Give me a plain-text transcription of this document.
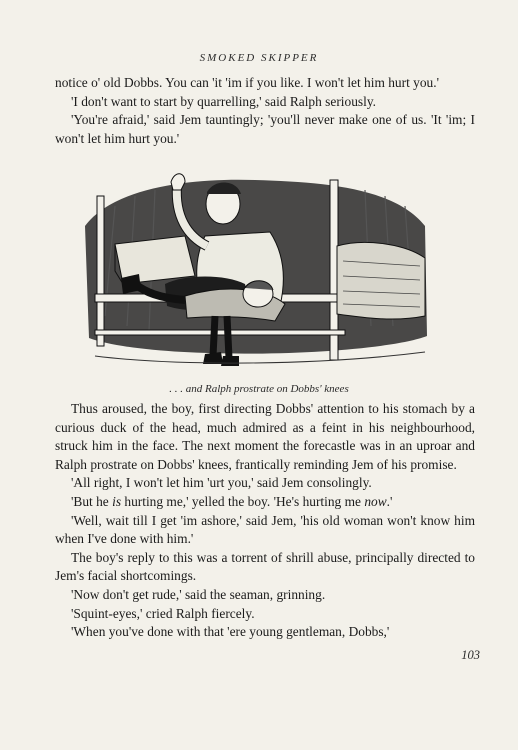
SMOKED SKIPPER

notice o' old Dobbs. You can 'it 'im if you like. I won't let him hurt you.'

'I don't want to start by quarrelling,' said Ralph seriously.

'You're afraid,' said Jem tauntingly; 'you'll never make one of us. 'It 'im; I won't let him hurt you.'

. . . and Ralph prostrate on Dobbs' knees

Thus aroused, the boy, first directing Dobbs' attention to his stomach by a curious duck of the head, much admired as a feint in his neighbourhood, struck him in the face. The next moment the forecastle was in an uproar and Ralph prostrate on Dobbs' knees, frantically reminding Jem of his promise.

'All right, I won't let him 'urt you,' said Jem consolingly.

'But he is hurting me,' yelled the boy. 'He's hurting me now.'

'Well, wait till I get 'im ashore,' said Jem, 'his old woman won't know him when I've done with him.'

The boy's reply to this was a torrent of shrill abuse, principally directed to Jem's facial shortcomings.

'Now don't get rude,' said the seaman, grinning.

'Squint-eyes,' cried Ralph fiercely.

'When you've done with that 'ere young gentleman, Dobbs,'

103
